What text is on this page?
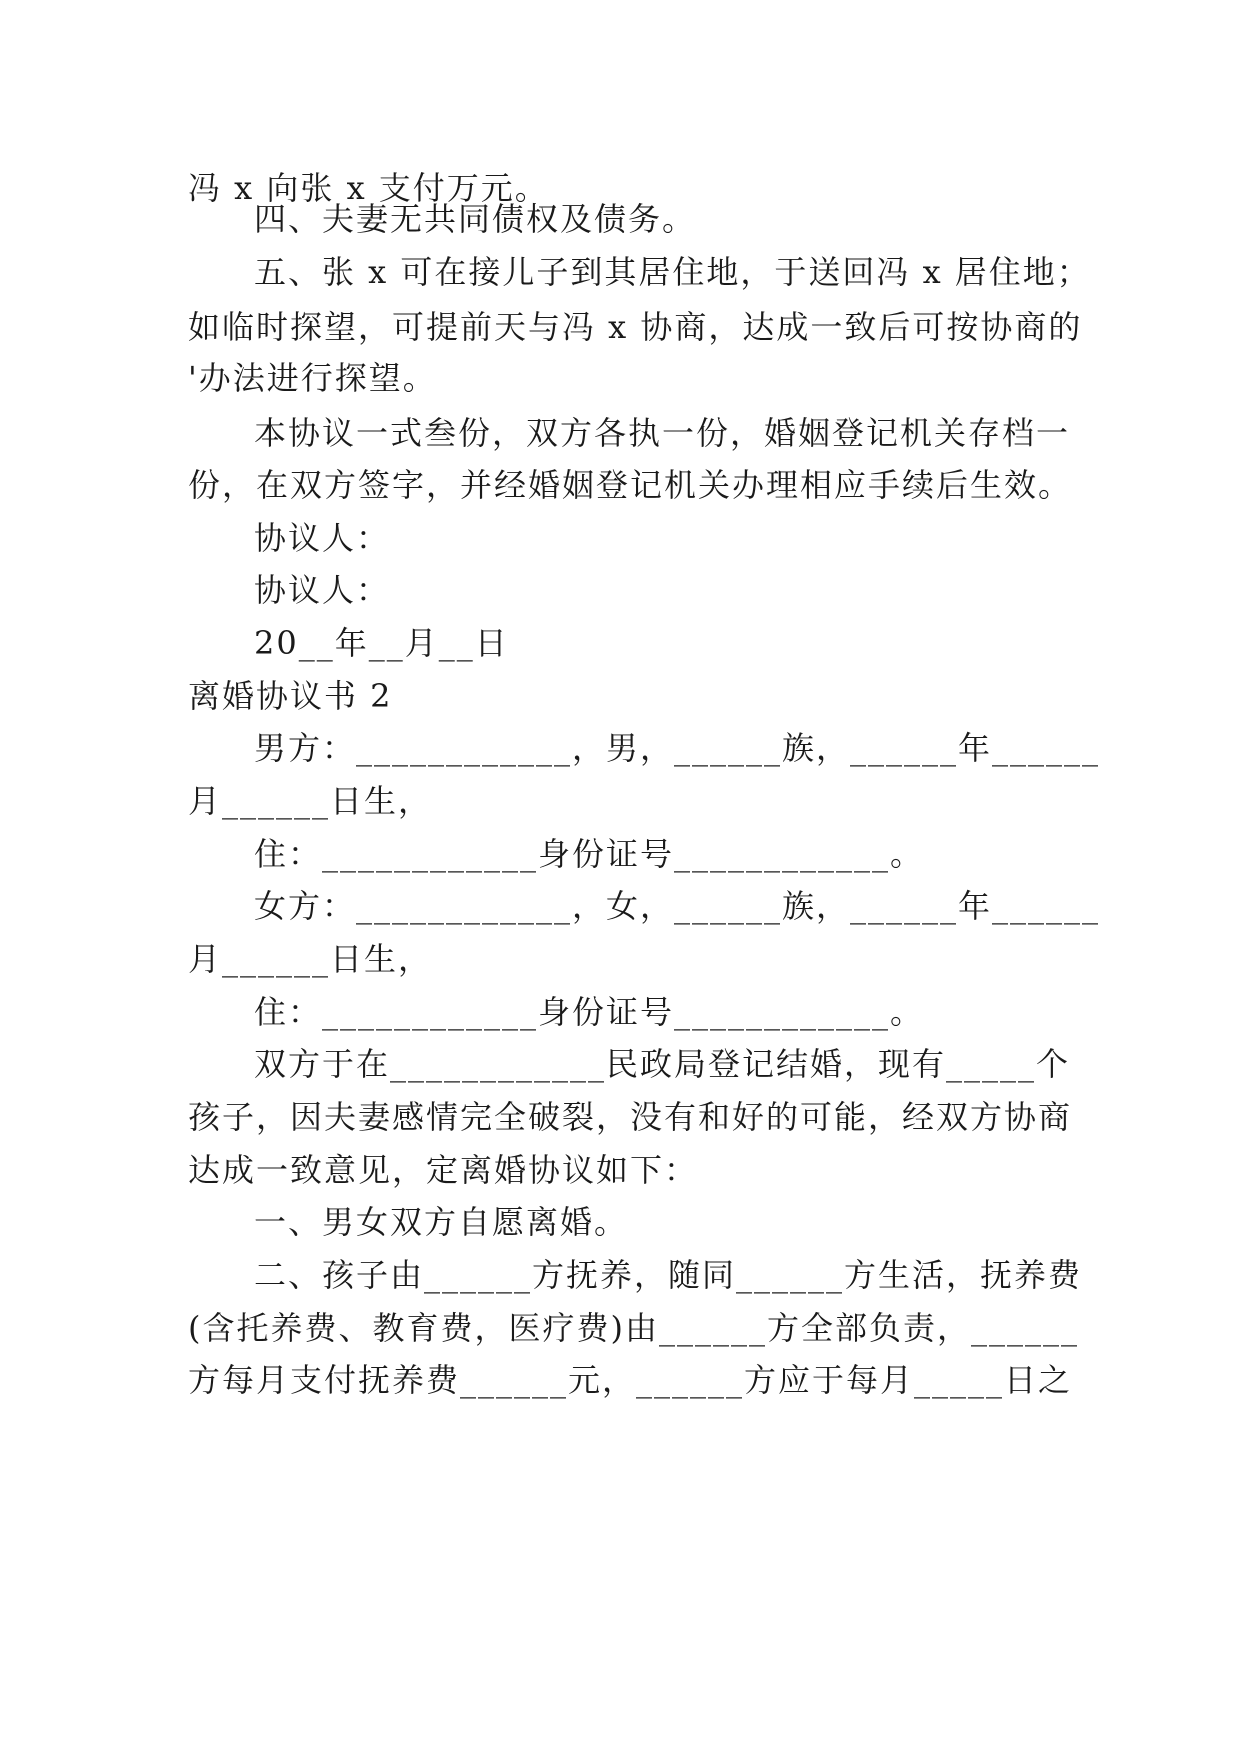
冯 x 向张 x 支付万元。
四、夫妻无共同债权及债务。
五、张 x 可在接儿子到其居住地，于送回冯 x 居住地；
如临时探望，可提前天与冯 x 协商，达成一致后可按协商的
'办法进行探望。
本协议一式叁份，双方各执一份，婚姻登记机关存档一
份，在双方签字，并经婚姻登记机关办理相应手续后生效。
协议人：
协议人：
20__年__月__日
离婚协议书 2
男方：____________，男，______族，______年______
月______日生，
住：____________身份证号____________。
女方：____________，女，______族，______年______
月______日生，
住：____________身份证号____________。
双方于在____________民政局登记结婚，现有_____个
孩子，因夫妻感情完全破裂，没有和好的可能，经双方协商
达成一致意见，定离婚协议如下：
一、男女双方自愿离婚。
二、孩子由______方抚养，随同______方生活，抚养费
(含托养费、教育费，医疗费)由______方全部负责，______
方每月支付抚养费______元，______方应于每月_____日之
